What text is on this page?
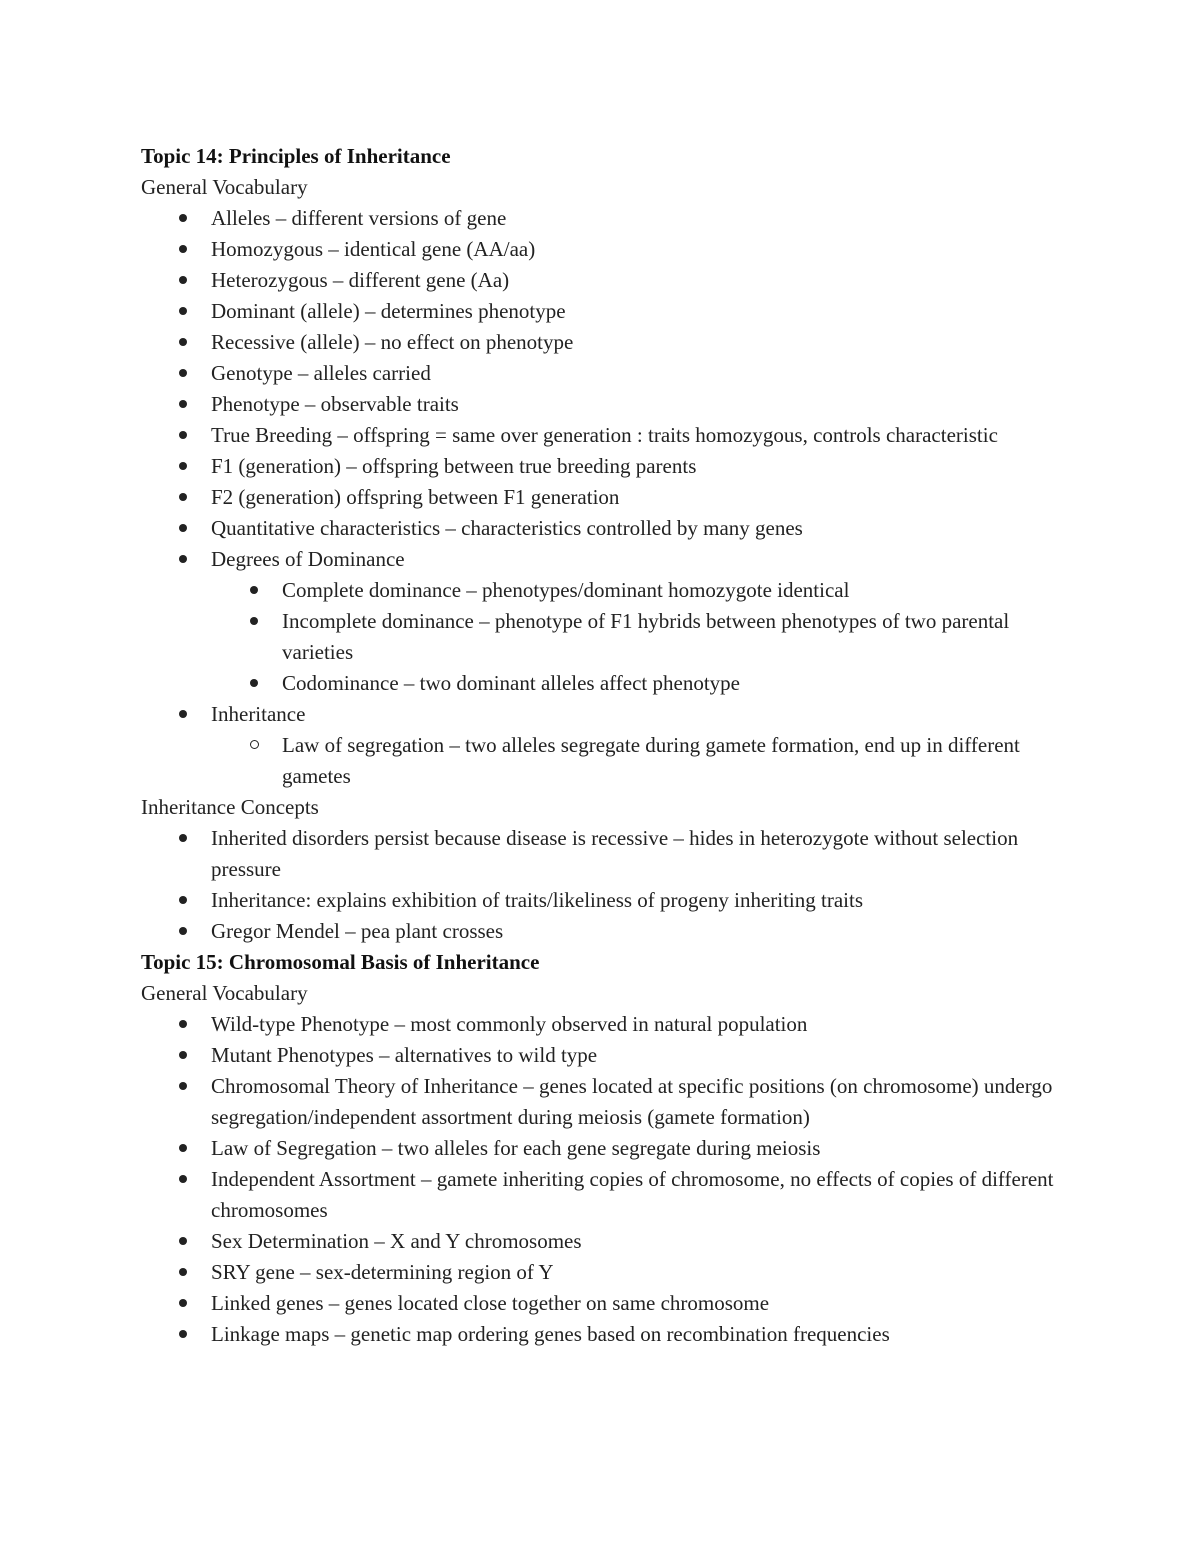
Topic 14: Principles of Inheritance
General Vocabulary
Alleles – different versions of gene
Homozygous – identical gene (AA/aa)
Heterozygous – different gene (Aa)
Dominant (allele) – determines phenotype
Recessive (allele) – no effect on phenotype
Genotype – alleles carried
Phenotype – observable traits
True Breeding – offspring = same over generation : traits homozygous, controls characteristic
F1 (generation) – offspring between true breeding parents
F2 (generation) offspring between F1 generation
Quantitative characteristics – characteristics controlled by many genes
Degrees of Dominance
Complete dominance – phenotypes/dominant homozygote identical
Incomplete dominance – phenotype of F1 hybrids between phenotypes of two parental varieties
Codominance – two dominant alleles affect phenotype
Inheritance
Law of segregation – two alleles segregate during gamete formation, end up in different gametes
Inheritance Concepts
Inherited disorders persist because disease is recessive – hides in heterozygote without selection pressure
Inheritance: explains exhibition of traits/likeliness of progeny inheriting traits
Gregor Mendel – pea plant crosses
Topic 15: Chromosomal Basis of Inheritance
General Vocabulary
Wild-type Phenotype – most commonly observed in natural population
Mutant Phenotypes – alternatives to wild type
Chromosomal Theory of Inheritance – genes located at specific positions (on chromosome) undergo segregation/independent assortment during meiosis (gamete formation)
Law of Segregation – two alleles for each gene segregate during meiosis
Independent Assortment – gamete inheriting copies of chromosome, no effects of copies of different chromosomes
Sex Determination – X and Y chromosomes
SRY gene – sex-determining region of Y
Linked genes – genes located close together on same chromosome
Linkage maps – genetic map ordering genes based on recombination frequencies
